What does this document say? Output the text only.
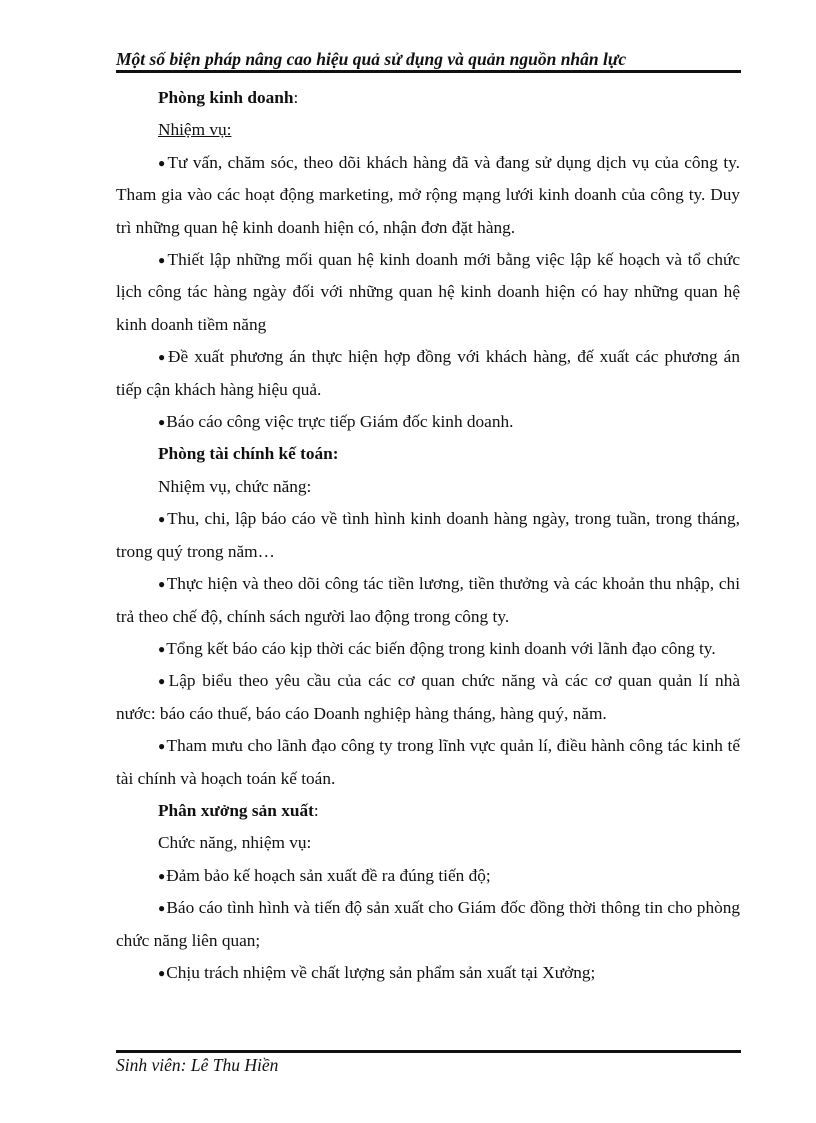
Một số biện pháp nâng cao hiệu quả sử dụng và quản nguồn nhân lực

Phòng kinh doanh:

Nhiệm vụ:

●Tư vấn, chăm sóc, theo dõi khách hàng đã và đang sử dụng dịch vụ của công ty. Tham gia vào các hoạt động marketing, mở rộng mạng lưới kinh doanh của công ty. Duy trì những quan hệ kinh doanh hiện có, nhận đơn đặt hàng.

●Thiết lập những mối quan hệ kinh doanh mới bằng việc lập kế hoạch và tổ chức lịch công tác hàng ngày đối với những quan hệ kinh doanh hiện có hay những quan hệ kinh doanh tiềm năng

●Đề xuất phương án thực hiện hợp đồng với khách hàng, đế xuất các phương án tiếp cận khách hàng hiệu quả.

●Báo cáo công việc trực tiếp Giám đốc kinh doanh.

Phòng tài chính kế toán:

Nhiệm vụ, chức năng:

●Thu, chi, lập báo cáo về tình hình kinh doanh hàng ngày, trong tuần, trong tháng, trong quý trong năm…

●Thực hiện và theo dõi công tác tiền lương, tiền thưởng và các khoản thu nhập, chi trả theo chế độ, chính sách người lao động trong công ty.

●Tổng kết báo cáo kịp thời các biến động trong kinh doanh với lãnh đạo công ty.

●Lập biểu theo yêu cầu của các cơ quan chức năng và các cơ quan quản lí nhà nước: báo cáo thuế, báo cáo Doanh nghiệp hàng tháng, hàng quý, năm.

●Tham mưu cho lãnh đạo công ty trong lĩnh vực quản lí, điều hành công tác kinh tế tài chính và hoạch toán kế toán.

Phân xưởng sản xuất:

Chức năng, nhiệm vụ:

●Đảm bảo kế hoạch sản xuất đề ra đúng tiến độ;

●Báo cáo tình hình và tiến độ sản xuất cho Giám đốc đồng thời thông tin cho phòng chức năng liên quan;

●Chịu trách nhiệm về chất lượng sản phẩm sản xuất tại Xưởng;

Sinh viên: Lê Thu Hiền
